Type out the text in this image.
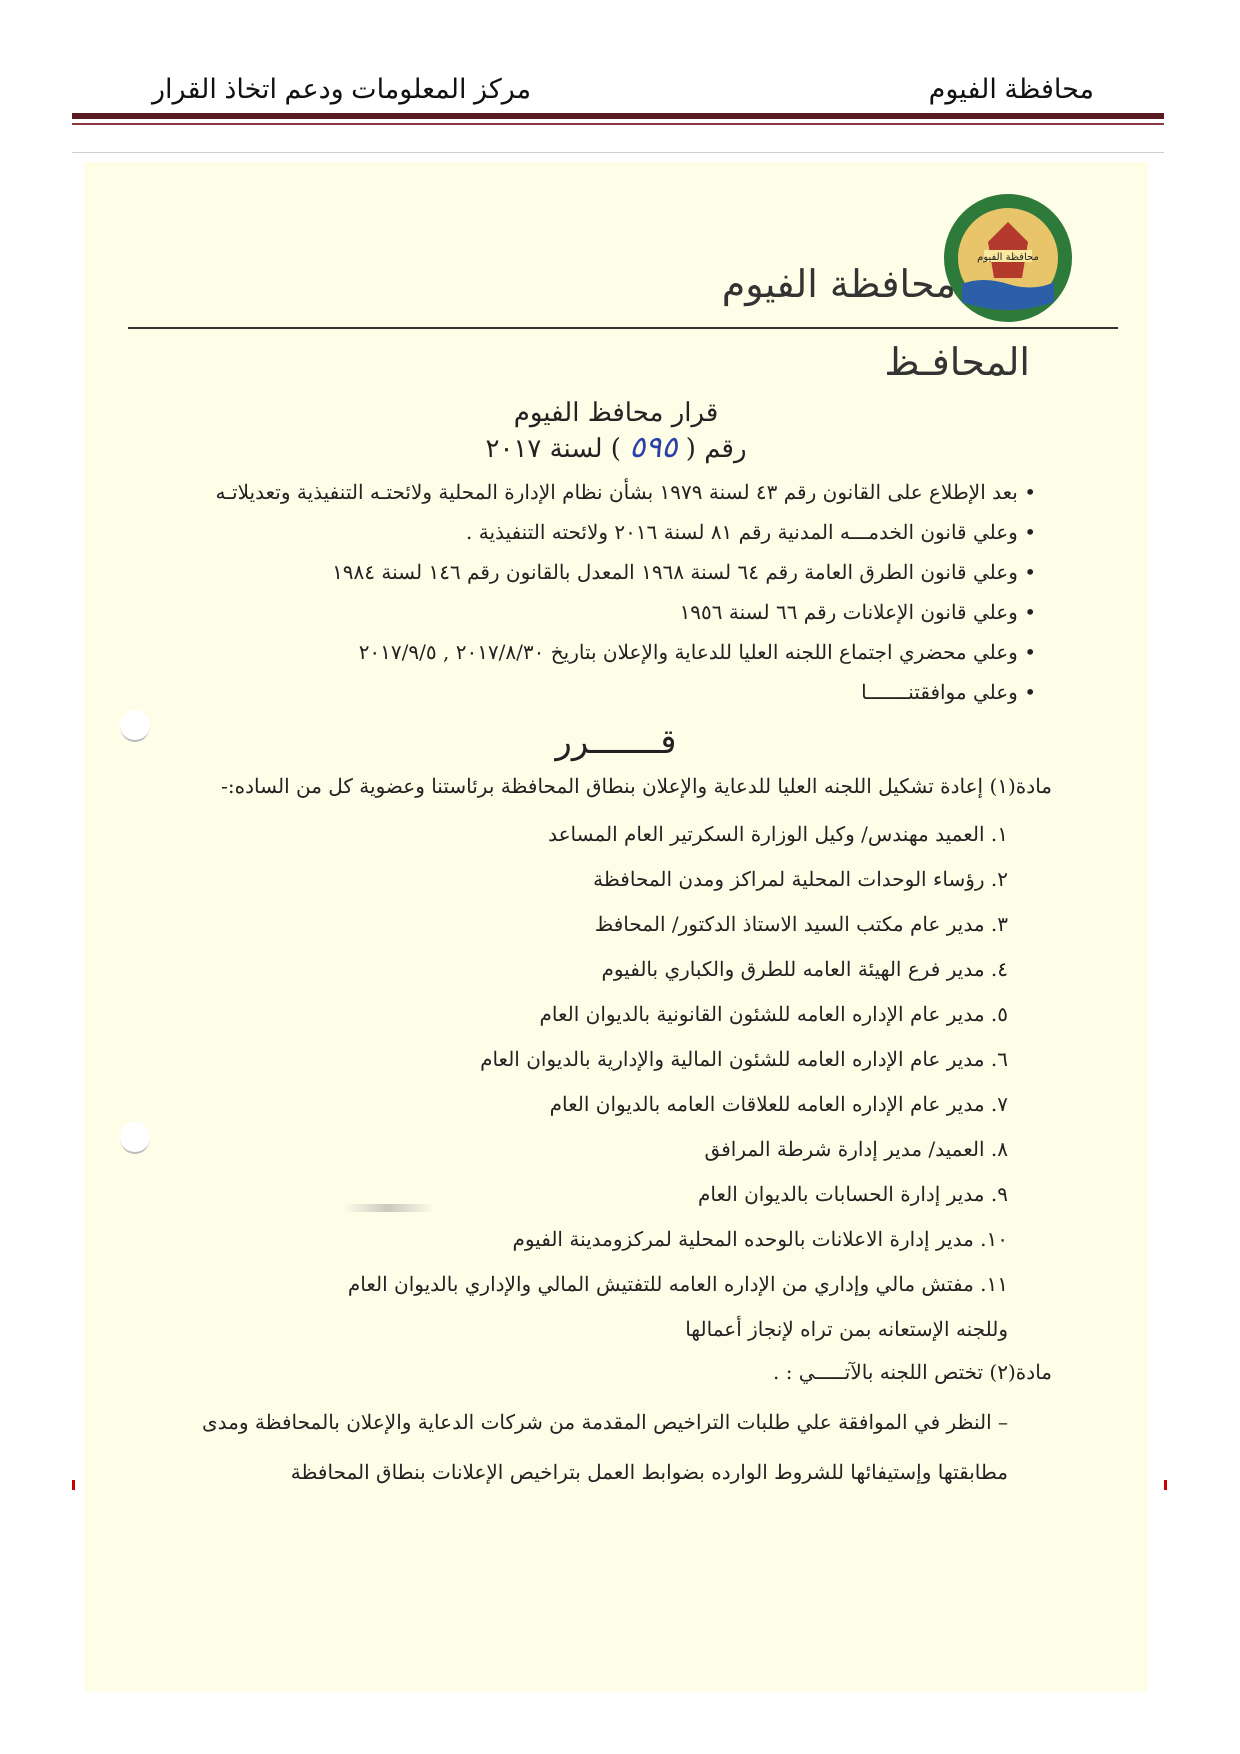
محافظة الفيوم
مركز المعلومات ودعم اتخاذ القرار
محافظة الفيوم
محافظة الفيوم
المحافـظ
قرار محافظ الفيوم
رقم ( ٥٩٥ ) لسنة ٢٠١٧
• بعد الإطلاع على القانون رقم ٤٣ لسنة ١٩٧٩ بشأن نظام الإدارة المحلية ولائحتـه التنفيذية وتعديلاتـه
• وعلي قانون الخدمـــه المدنية رقم ٨١ لسنة ٢٠١٦ ولائحته التنفيذية .
• وعلي قانون الطرق العامة رقم ٦٤ لسنة ١٩٦٨ المعدل بالقانون رقم ١٤٦ لسنة ١٩٨٤
• وعلي قانون الإعلانات رقم ٦٦ لسنة ١٩٥٦
• وعلي محضري اجتماع اللجنه العليا للدعاية والإعلان بتاريخ ٢٠١٧/٨/٣٠ , ٢٠١٧/٩/٥
• وعلي موافقتنـــــــا
قـــــــرر
مادة(١) إعادة تشكيل اللجنه العليا للدعاية والإعلان بنطاق المحافظة برئاستنا وعضوية كل من الساده:-
١. العميد مهندس/ وكيل الوزارة السكرتير العام المساعد
٢. رؤساء الوحدات المحلية لمراكز ومدن المحافظة
٣. مدير عام مكتب السيد الاستاذ الدكتور/ المحافظ
٤. مدير فرع الهيئة العامه للطرق والكباري بالفيوم
٥. مدير عام الإداره العامه للشئون القانونية بالديوان العام
٦. مدير عام الإداره العامه للشئون المالية والإدارية بالديوان العام
٧. مدير عام الإداره العامه للعلاقات العامه بالديوان العام
٨. العميد/ مدير إدارة شرطة المرافق
٩. مدير إدارة الحسابات بالديوان العام
١٠. مدير إدارة الاعلانات بالوحده المحلية لمركزومدينة الفيوم
١١. مفتش مالي وإداري من الإداره العامه للتفتيش المالي والإداري بالديوان العام
وللجنه الإستعانه بمن تراه لإنجاز أعمالها
مادة(٢) تختص اللجنه بالآتـــــي : .
– النظر في الموافقة علي طلبات التراخيص المقدمة من شركات الدعاية والإعلان بالمحافظة ومدى
مطابقتها وإستيفائها للشروط الوارده بضوابط العمل بتراخيص الإعلانات بنطاق المحافظة
